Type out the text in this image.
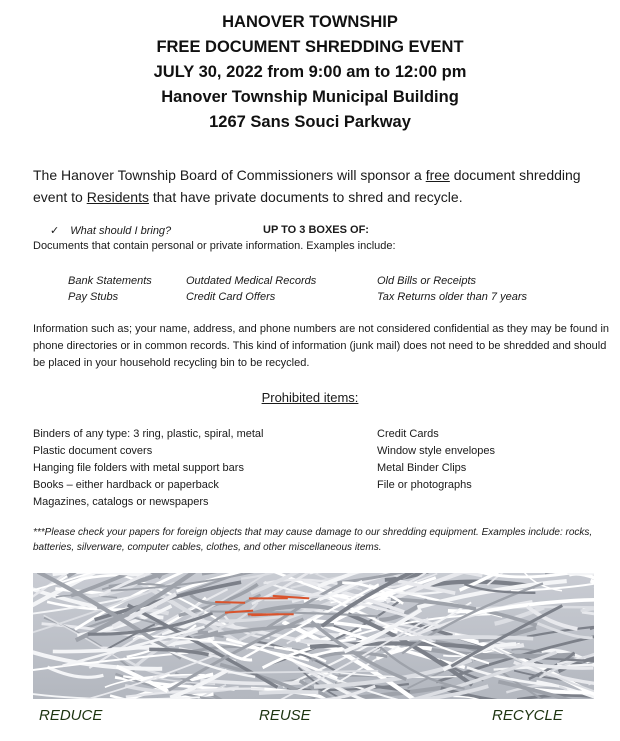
HANOVER TOWNSHIP
FREE DOCUMENT SHREDDING EVENT
JULY 30, 2022 from 9:00 am to 12:00 pm
Hanover Township Municipal Building
1267 Sans Souci Parkway
The Hanover Township Board of Commissioners will sponsor a free document shredding event to Residents that have private documents to shred and recycle.
✓ What should I bring?	UP TO 3 BOXES OF:
Documents that contain personal or private information. Examples include:
Bank Statements	Outdated Medical Records	Old Bills or Receipts
Pay Stubs	Credit Card Offers	Tax Returns older than 7 years
Information such as; your name, address, and phone numbers are not considered confidential as they may be found in phone directories or in common records. This kind of information (junk mail) does not need to be shredded and should be placed in your household recycling bin to be recycled.
Prohibited items:
Binders of any type: 3 ring, plastic, spiral, metal
Plastic document covers
Hanging file folders with metal support bars
Books – either hardback or paperback
Magazines, catalogs or newspapers
Credit Cards
Window style envelopes
Metal Binder Clips
File or photographs
***Please check your papers for foreign objects that may cause damage to our shredding equipment. Examples include: rocks, batteries, silverware, computer cables, clothes, and other miscellaneous items.
REDUCE	REUSE	RECYCLE
